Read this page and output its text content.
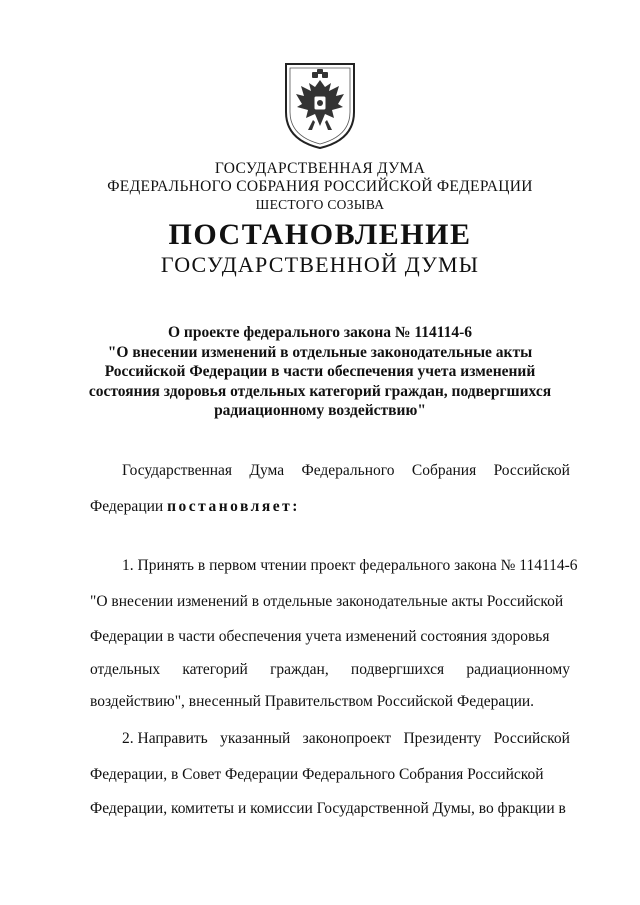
ГОСУДАРСТВЕННАЯ ДУМА
ФЕДЕРАЛЬНОГО СОБРАНИЯ РОССИЙСКОЙ ФЕДЕРАЦИИ
ШЕСТОГО СОЗЫВА
ПОСТАНОВЛЕНИЕ
ГОСУДАРСТВЕННОЙ ДУМЫ
О проекте федерального закона № 114114-6
"О внесении изменений в отдельные законодательные акты
Российской Федерации в части обеспечения учета изменений
состояния здоровья отдельных категорий граждан, подвергшихся
радиационному воздействию"
Государственная Дума Федерального Собрания Российской
Федерации постановляет:
1. Принять в первом чтении проект федерального закона № 114114-6
"О внесении изменений в отдельные законодательные акты Российской
Федерации в части обеспечения учета изменений состояния здоровья
отдельных категорий граждан, подвергшихся радиационному
воздействию", внесенный Правительством Российской Федерации.
2. Направить указанный законопроект Президенту Российской
Федерации, в Совет Федерации Федерального Собрания Российской
Федерации, комитеты и комиссии Государственной Думы, во фракции в
